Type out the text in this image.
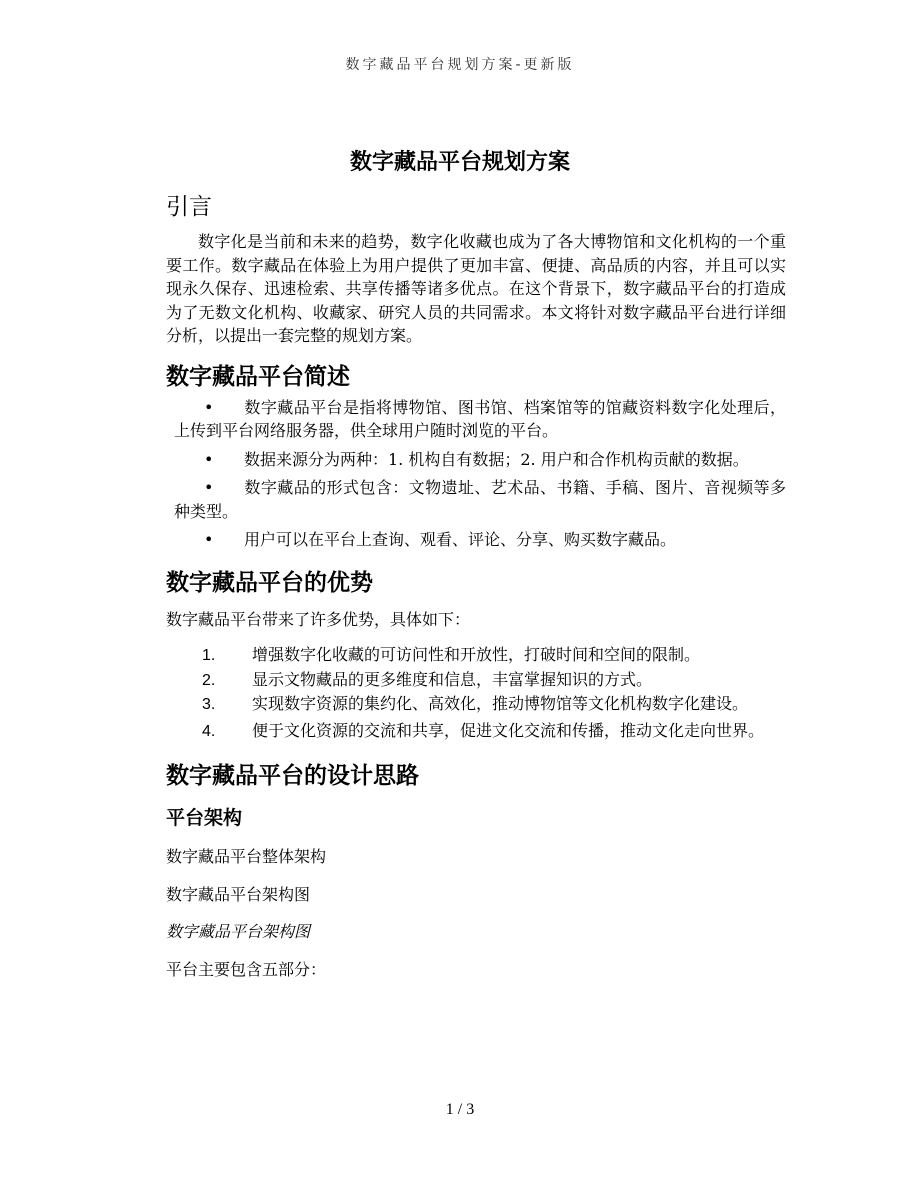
数字藏品平台规划方案-更新版
数字藏品平台规划方案
引言

数字化是当前和未来的趋势，数字化收藏也成为了各大博物馆和文化机构的一个重要工作。数字藏品在体验上为用户提供了更加丰富、便捷、高品质的内容，并且可以实现永久保存、迅速检索、共享传播等诸多优点。在这个背景下，数字藏品平台的打造成为了无数文化机构、收藏家、研究人员的共同需求。本文将针对数字藏品平台进行详细分析，以提出一套完整的规划方案。

数字藏品平台简述
• 数字藏品平台是指将博物馆、图书馆、档案馆等的馆藏资料数字化处理后，上传到平台网络服务器，供全球用户随时浏览的平台。
• 数据来源分为两种：1. 机构自有数据；2. 用户和合作机构贡献的数据。
• 数字藏品的形式包含：文物遗址、艺术品、书籍、手稿、图片、音视频等多种类型。
• 用户可以在平台上查询、观看、评论、分享、购买数字藏品。
数字藏品平台的优势

数字藏品平台带来了许多优势，具体如下：

1. 增强数字化收藏的可访问性和开放性，打破时间和空间的限制。
2. 显示文物藏品的更多维度和信息，丰富掌握知识的方式。
3. 实现数字资源的集约化、高效化，推动博物馆等文化机构数字化建设。
4. 便于文化资源的交流和共享，促进文化交流和传播，推动文化走向世界。
数字藏品平台的设计思路
平台架构

数字藏品平台整体架构

数字藏品平台架构图

数字藏品平台架构图

平台主要包含五部分：

1 / 3
